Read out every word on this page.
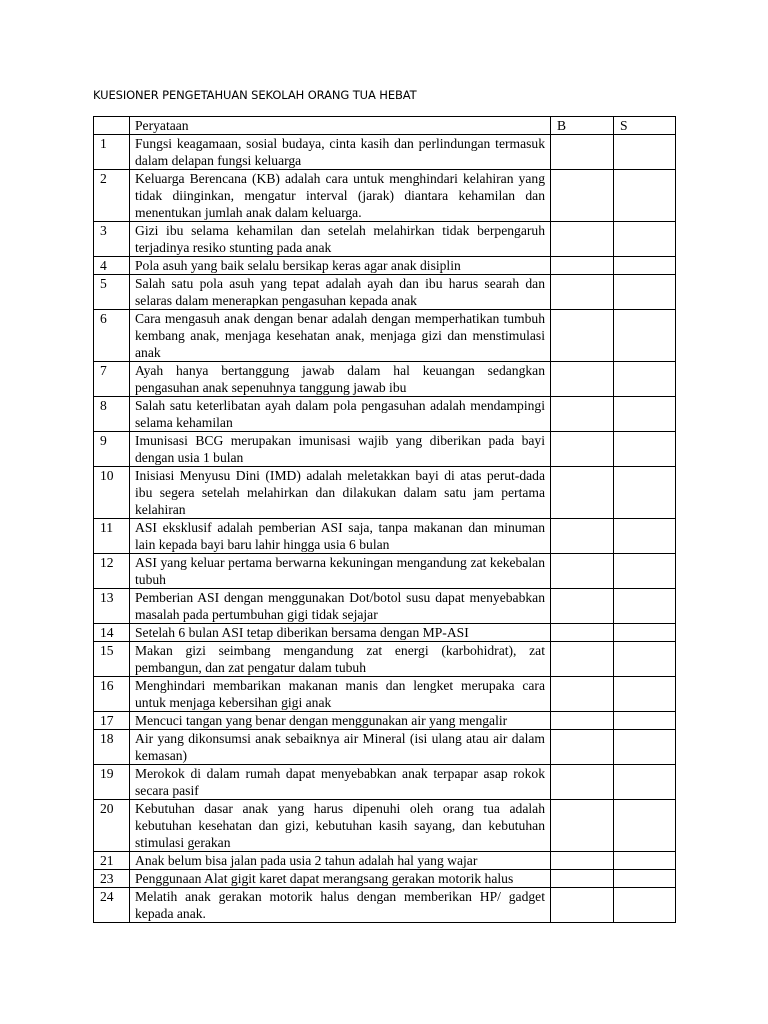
KUESIONER PENGETAHUAN SEKOLAH ORANG TUA HEBAT
	Peryataan	B	S
1	Fungsi keagamaan, sosial budaya, cinta kasih dan perlindungan termasuk dalam delapan fungsi keluarga		
2	Keluarga Berencana (KB) adalah cara untuk menghindari kelahiran yang tidak diinginkan, mengatur interval (jarak) diantara kehamilan dan menentukan jumlah anak dalam keluarga.		
3	Gizi ibu selama kehamilan dan setelah melahirkan tidak berpengaruh terjadinya resiko stunting pada anak		
4	Pola asuh yang baik selalu bersikap keras agar anak disiplin		
5	Salah satu pola asuh yang tepat adalah ayah dan ibu harus searah dan selaras dalam menerapkan pengasuhan kepada anak		
6	Cara mengasuh anak dengan benar adalah dengan memperhatikan tumbuh kembang anak, menjaga kesehatan anak, menjaga gizi dan menstimulasi anak		
7	Ayah hanya bertanggung jawab dalam hal keuangan sedangkan pengasuhan anak sepenuhnya tanggung jawab ibu		
8	Salah satu keterlibatan ayah dalam pola pengasuhan adalah mendampingi selama kehamilan		
9	Imunisasi BCG merupakan imunisasi wajib yang diberikan pada bayi dengan usia 1 bulan		
10	Inisiasi Menyusu Dini (IMD) adalah meletakkan bayi di atas perut-dada ibu segera setelah melahirkan dan dilakukan dalam satu jam pertama kelahiran		
11	ASI eksklusif adalah pemberian ASI saja, tanpa makanan dan minuman lain kepada bayi baru lahir hingga usia 6 bulan		
12	ASI yang keluar pertama berwarna kekuningan mengandung zat kekebalan tubuh		
13	Pemberian ASI dengan menggunakan Dot/botol susu dapat menyebabkan masalah pada pertumbuhan gigi tidak sejajar		
14	Setelah 6 bulan ASI tetap diberikan bersama dengan MP-ASI		
15	Makan gizi seimbang mengandung zat energi (karbohidrat), zat pembangun, dan zat pengatur dalam tubuh		
16	Menghindari membarikan makanan manis dan lengket merupaka cara untuk menjaga kebersihan gigi anak		
17	Mencuci tangan yang benar dengan menggunakan air yang mengalir		
18	Air yang dikonsumsi anak sebaiknya air Mineral (isi ulang atau air dalam kemasan)		
19	Merokok di dalam rumah dapat menyebabkan anak terpapar asap rokok secara pasif		
20	Kebutuhan dasar anak yang harus dipenuhi oleh orang tua adalah kebutuhan kesehatan dan gizi, kebutuhan kasih sayang, dan kebutuhan stimulasi gerakan		
21	Anak belum bisa jalan pada usia 2 tahun adalah hal yang wajar		
23	Penggunaan Alat gigit karet dapat merangsang gerakan motorik halus		
24	Melatih anak gerakan motorik halus dengan memberikan HP/ gadget kepada anak.		
